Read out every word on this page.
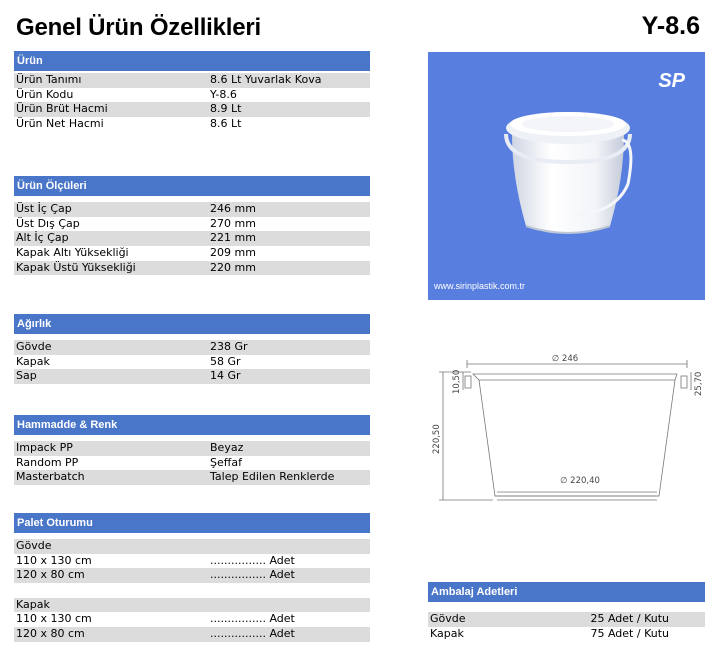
Genel Ürün Özellikleri	Y-8.6
Ürün
Ürün Tanımı	8.6 Lt Yuvarlak Kova
Ürün Kodu	Y-8.6
Ürün Brüt Hacmi	8.9 Lt
Ürün Net Hacmi	8.6 Lt
Ürün Ölçüleri
Üst İç Çap	246 mm
Üst Dış Çap	270 mm
Alt İç Çap	221 mm
Kapak Altı Yüksekliği	209 mm
Kapak Üstü Yüksekliği	220 mm
Ağırlık
Gövde	238 Gr
Kapak	58 Gr
Sap	14 Gr
Hammadde & Renk
Impack PP	Beyaz
Random PP	Şeffaf
Masterbatch	Talep Edilen Renklerde
Palet Oturumu
Gövde
110 x 130 cm	................ Adet
120 x 80 cm	................ Adet
Kapak
110 x 130 cm	................ Adet
120 x 80 cm	................ Adet
SP
www.sirinplastik.com.tr
∅ 246
∅ 220,40
10,50
220,50
25,70
Ambalaj Adetleri
Gövde	25 Adet / Kutu
Kapak	75 Adet / Kutu
